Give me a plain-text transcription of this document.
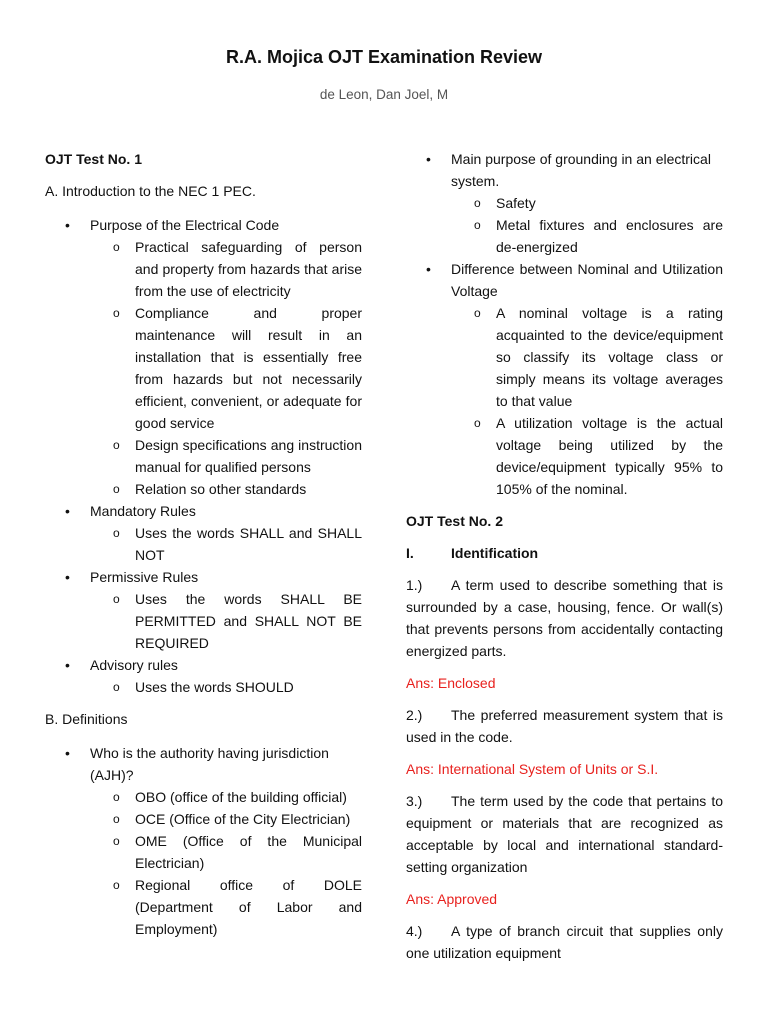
R.A. Mojica OJT Examination Review
de Leon, Dan Joel, M

OJT Test No. 1

A. Introduction to the NEC 1 PEC.

• Purpose of the Electrical Code
o Practical safeguarding of person and property from hazards that arise from the use of electricity
o Compliance and proper maintenance will result in an installation that is essentially free from hazards but not necessarily efficient, convenient, or adequate for good service
o Design specifications ang instruction manual for qualified persons
o Relation so other standards
• Mandatory Rules
o Uses the words SHALL and SHALL NOT
• Permissive Rules
o Uses the words SHALL BE PERMITTED and SHALL NOT BE REQUIRED
• Advisory rules
o Uses the words SHOULD

B. Definitions

• Who is the authority having jurisdiction (AJH)?
o OBO (office of the building official)
o OCE (Office of the City Electrician)
o OME (Office of the Municipal Electrician)
o Regional office of DOLE (Department of Labor and Employment)
• Main purpose of grounding in an electrical system.
o Safety
o Metal fixtures and enclosures are de-energized
• Difference between Nominal and Utilization Voltage
o A nominal voltage is a rating acquainted to the device/equipment so classify its voltage class or simply means its voltage averages to that value
o A utilization voltage is the actual voltage being utilized by the device/equipment typically 95% to 105% of the nominal.

OJT Test No. 2

I.	Identification

1.) A term used to describe something that is surrounded by a case, housing, fence. Or wall(s) that prevents persons from accidentally contacting energized parts.

Ans: Enclosed

2.) The preferred measurement system that is used in the code.

Ans: International System of Units or S.I.

3.) The term used by the code that pertains to equipment or materials that are recognized as acceptable by local and international standard-setting organization

Ans: Approved

4.) A type of branch circuit that supplies only one utilization equipment
